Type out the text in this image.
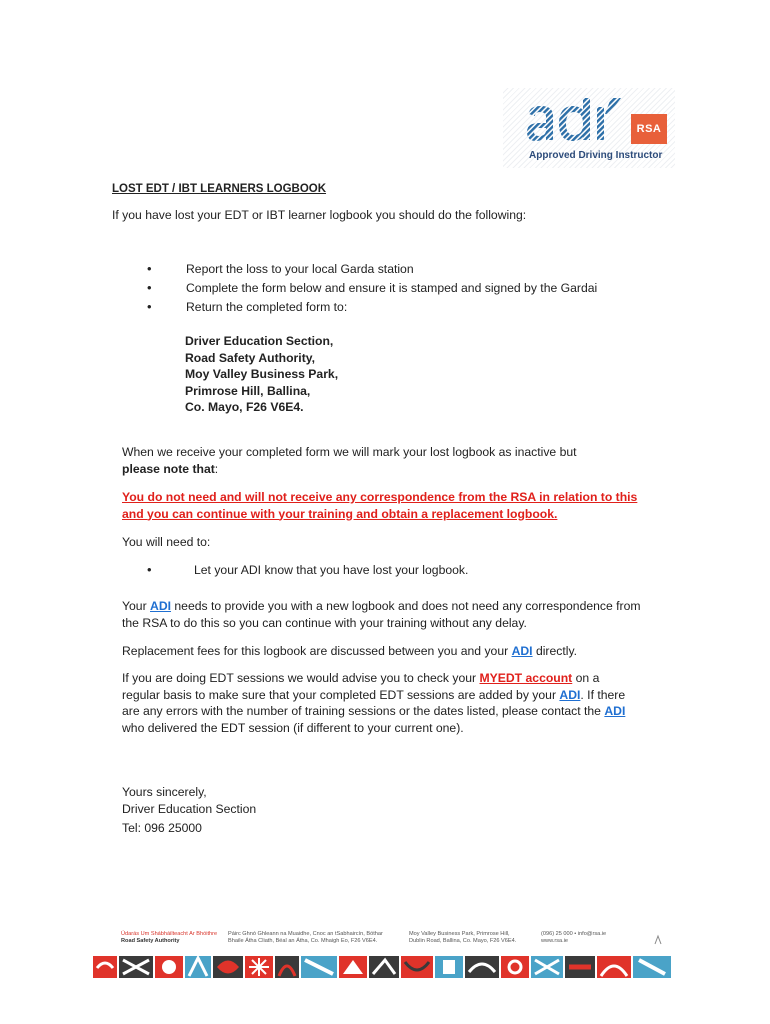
RSA
Approved Driving Instructor
LOST EDT / IBT LEARNERS LOGBOOK
If you have lost your EDT or IBT learner logbook you should do the following:
• Report the loss to your local Garda station
• Complete the form below and ensure it is stamped and signed by the Gardai
• Return the completed form to:
Driver Education Section,
Road Safety Authority,
Moy Valley Business Park,
Primrose Hill, Ballina,
Co. Mayo, F26 V6E4.
When we receive your completed form we will mark your lost logbook as inactive but
please note that:
You do not need and will not receive any correspondence from the RSA in relation to this and you can continue with your training and obtain a replacement logbook.
You will need to:
• Let your ADI know that you have lost your logbook.
Your ADI needs to provide you with a new logbook and does not need any correspondence from the RSA to do this so you can continue with your training without any delay.
Replacement fees for this logbook are discussed between you and your ADI directly.
If you are doing EDT sessions we would advise you to check your MYEDT account on a regular basis to make sure that your completed EDT sessions are added by your ADI. If there are any errors with the number of training sessions or the dates listed, please contact the ADI who delivered the EDT session (if different to your current one).
Yours sincerely,
Driver Education Section
Tel: 096 25000
Údarás Um Shábháilteacht Ar Bhóithre
Road Safety Authority
Páirc Ghnó Ghleann na Muaidhe, Cnoc an tSabhaircín, Bóthar
Bhaile Átha Cliath, Béal an Átha, Co. Mhaigh Eo, F26 V6E4.
Moy Valley Business Park, Primrose Hill,
Dublin Road, Ballina, Co. Mayo, F26 V6E4.
(096) 25 000 • info@rsa.ie
www.rsa.ie
